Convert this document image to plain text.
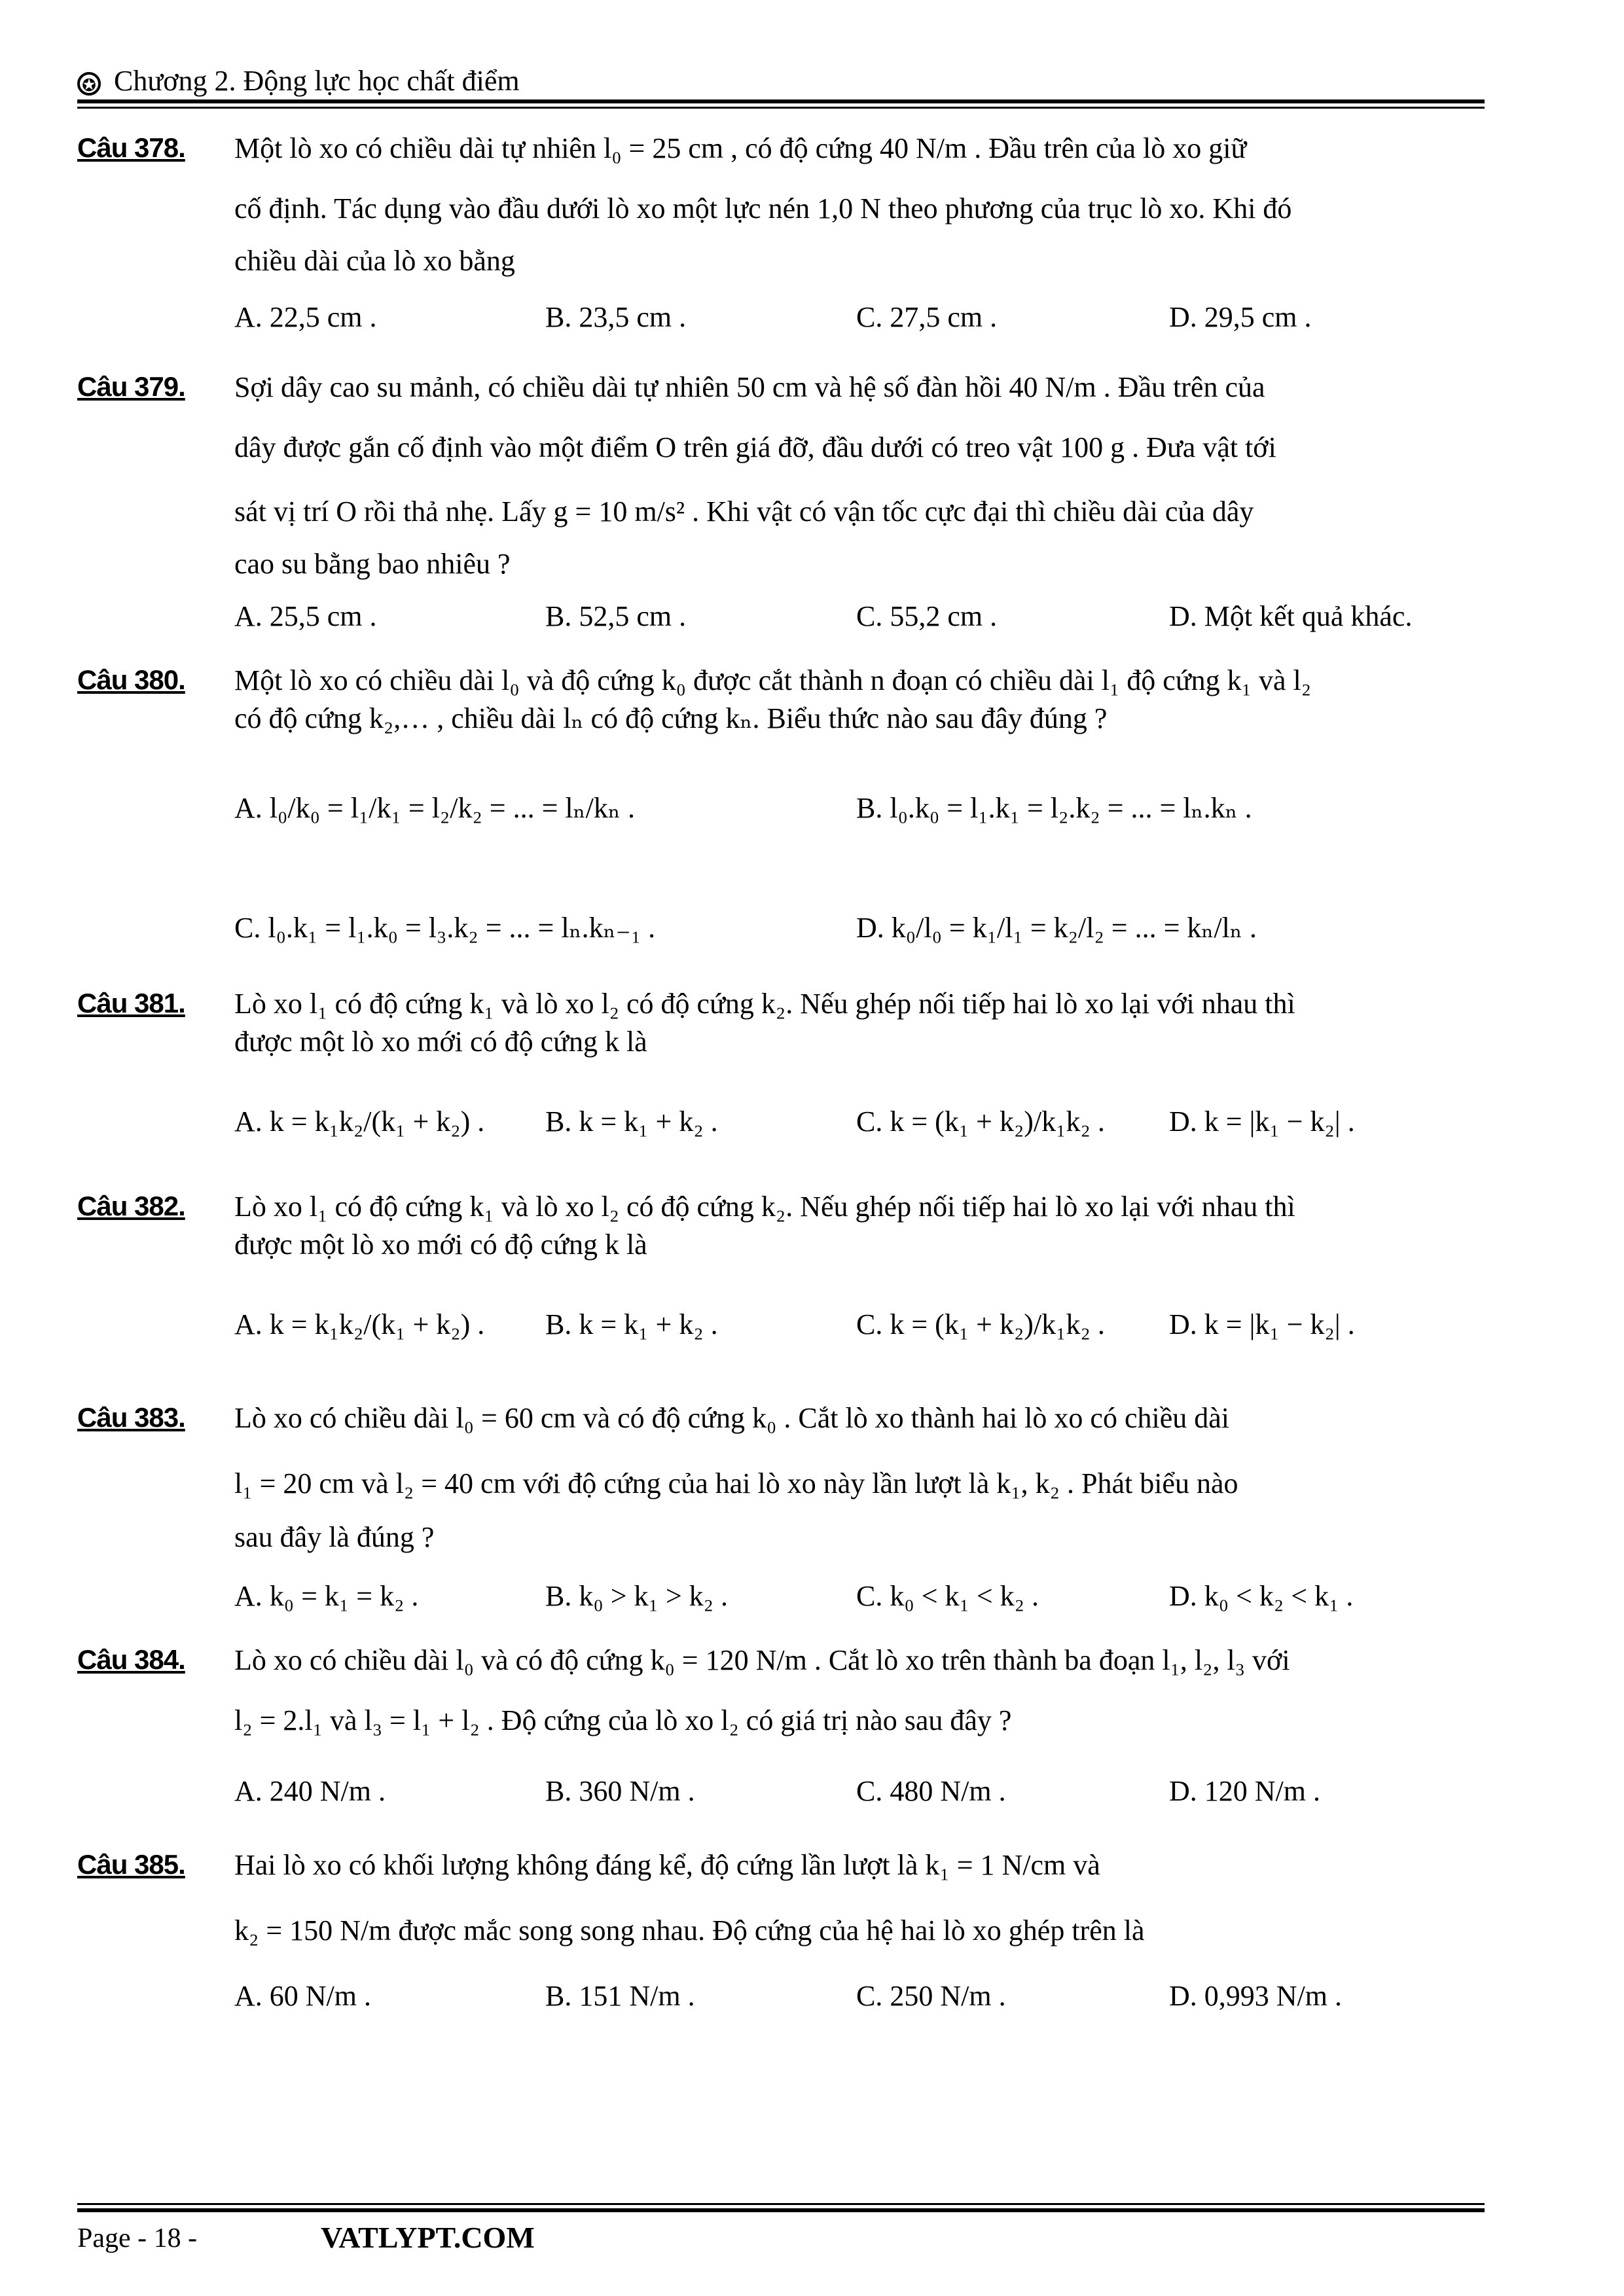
✪ Chương 2. Động lực học chất điểm
Câu 378. Một lò xo có chiều dài tự nhiên l₀ = 25 cm , có độ cứng 40 N/m . Đầu trên của lò xo giữ
cố định. Tác dụng vào đầu dưới lò xo một lực nén 1,0 N theo phương của trục lò xo. Khi đó
chiều dài của lò xo bằng
A. 22,5 cm .	B. 23,5 cm .	C. 27,5 cm .	D. 29,5 cm .
Câu 379. Sợi dây cao su mảnh, có chiều dài tự nhiên 50 cm và hệ số đàn hồi 40 N/m . Đầu trên của
dây được gắn cố định vào một điểm O trên giá đỡ, đầu dưới có treo vật 100 g . Đưa vật tới
sát vị trí O rồi thả nhẹ. Lấy g = 10 m/s² . Khi vật có vận tốc cực đại thì chiều dài của dây
cao su bằng bao nhiêu ?
A. 25,5 cm .	B. 52,5 cm .	C. 55,2 cm .	D. Một kết quả khác.
Câu 380. Một lò xo có chiều dài l₀ và độ cứng k₀ được cắt thành n đoạn có chiều dài l₁ độ cứng k₁ và l₂
có độ cứng k₂,… , chiều dài lₙ có độ cứng kₙ. Biểu thức nào sau đây đúng ?
A. l₀/k₀ = l₁/k₁ = l₂/k₂ = ... = lₙ/kₙ .	B. l₀.k₀ = l₁.k₁ = l₂.k₂ = ... = lₙ.kₙ .
C. l₀.k₁ = l₁.k₀ = l₃.k₂ = ... = lₙ.kₙ₋₁ .	D. k₀/l₀ = k₁/l₁ = k₂/l₂ = ... = kₙ/lₙ .
Câu 381. Lò xo l₁ có độ cứng k₁ và lò xo l₂ có độ cứng k₂. Nếu ghép nối tiếp hai lò xo lại với nhau thì
được một lò xo mới có độ cứng k là
A. k = k₁k₂/(k₁ + k₂) . B. k = k₁ + k₂ .	C. k = (k₁ + k₂)/k₁k₂ . D. k = |k₁ − k₂| .
Câu 382. Lò xo l₁ có độ cứng k₁ và lò xo l₂ có độ cứng k₂. Nếu ghép nối tiếp hai lò xo lại với nhau thì
được một lò xo mới có độ cứng k là
A. k = k₁k₂/(k₁ + k₂) . B. k = k₁ + k₂ .	C. k = (k₁ + k₂)/k₁k₂ . D. k = |k₁ − k₂| .
Câu 383. Lò xo có chiều dài l₀ = 60 cm và có độ cứng k₀ . Cắt lò xo thành hai lò xo có chiều dài
l₁ = 20 cm và l₂ = 40 cm với độ cứng của hai lò xo này lần lượt là k₁, k₂ . Phát biểu nào
sau đây là đúng ?
A. k₀ = k₁ = k₂ .	B. k₀ > k₁ > k₂ .	C. k₀ < k₁ < k₂ .	D. k₀ < k₂ < k₁ .
Câu 384. Lò xo có chiều dài l₀ và có độ cứng k₀ = 120 N/m . Cắt lò xo trên thành ba đoạn l₁, l₂, l₃ với
l₂ = 2.l₁ và l₃ = l₁ + l₂ . Độ cứng của lò xo l₂ có giá trị nào sau đây ?
A. 240 N/m .	B. 360 N/m .	C. 480 N/m .	D. 120 N/m .
Câu 385. Hai lò xo có khối lượng không đáng kể, độ cứng lần lượt là k₁ = 1 N/cm và
k₂ = 150 N/m được mắc song song nhau. Độ cứng của hệ hai lò xo ghép trên là
A. 60 N/m .	B. 151 N/m .	C. 250 N/m .	D. 0,993 N/m .
Page - 18 -	VATLYPT.COM
